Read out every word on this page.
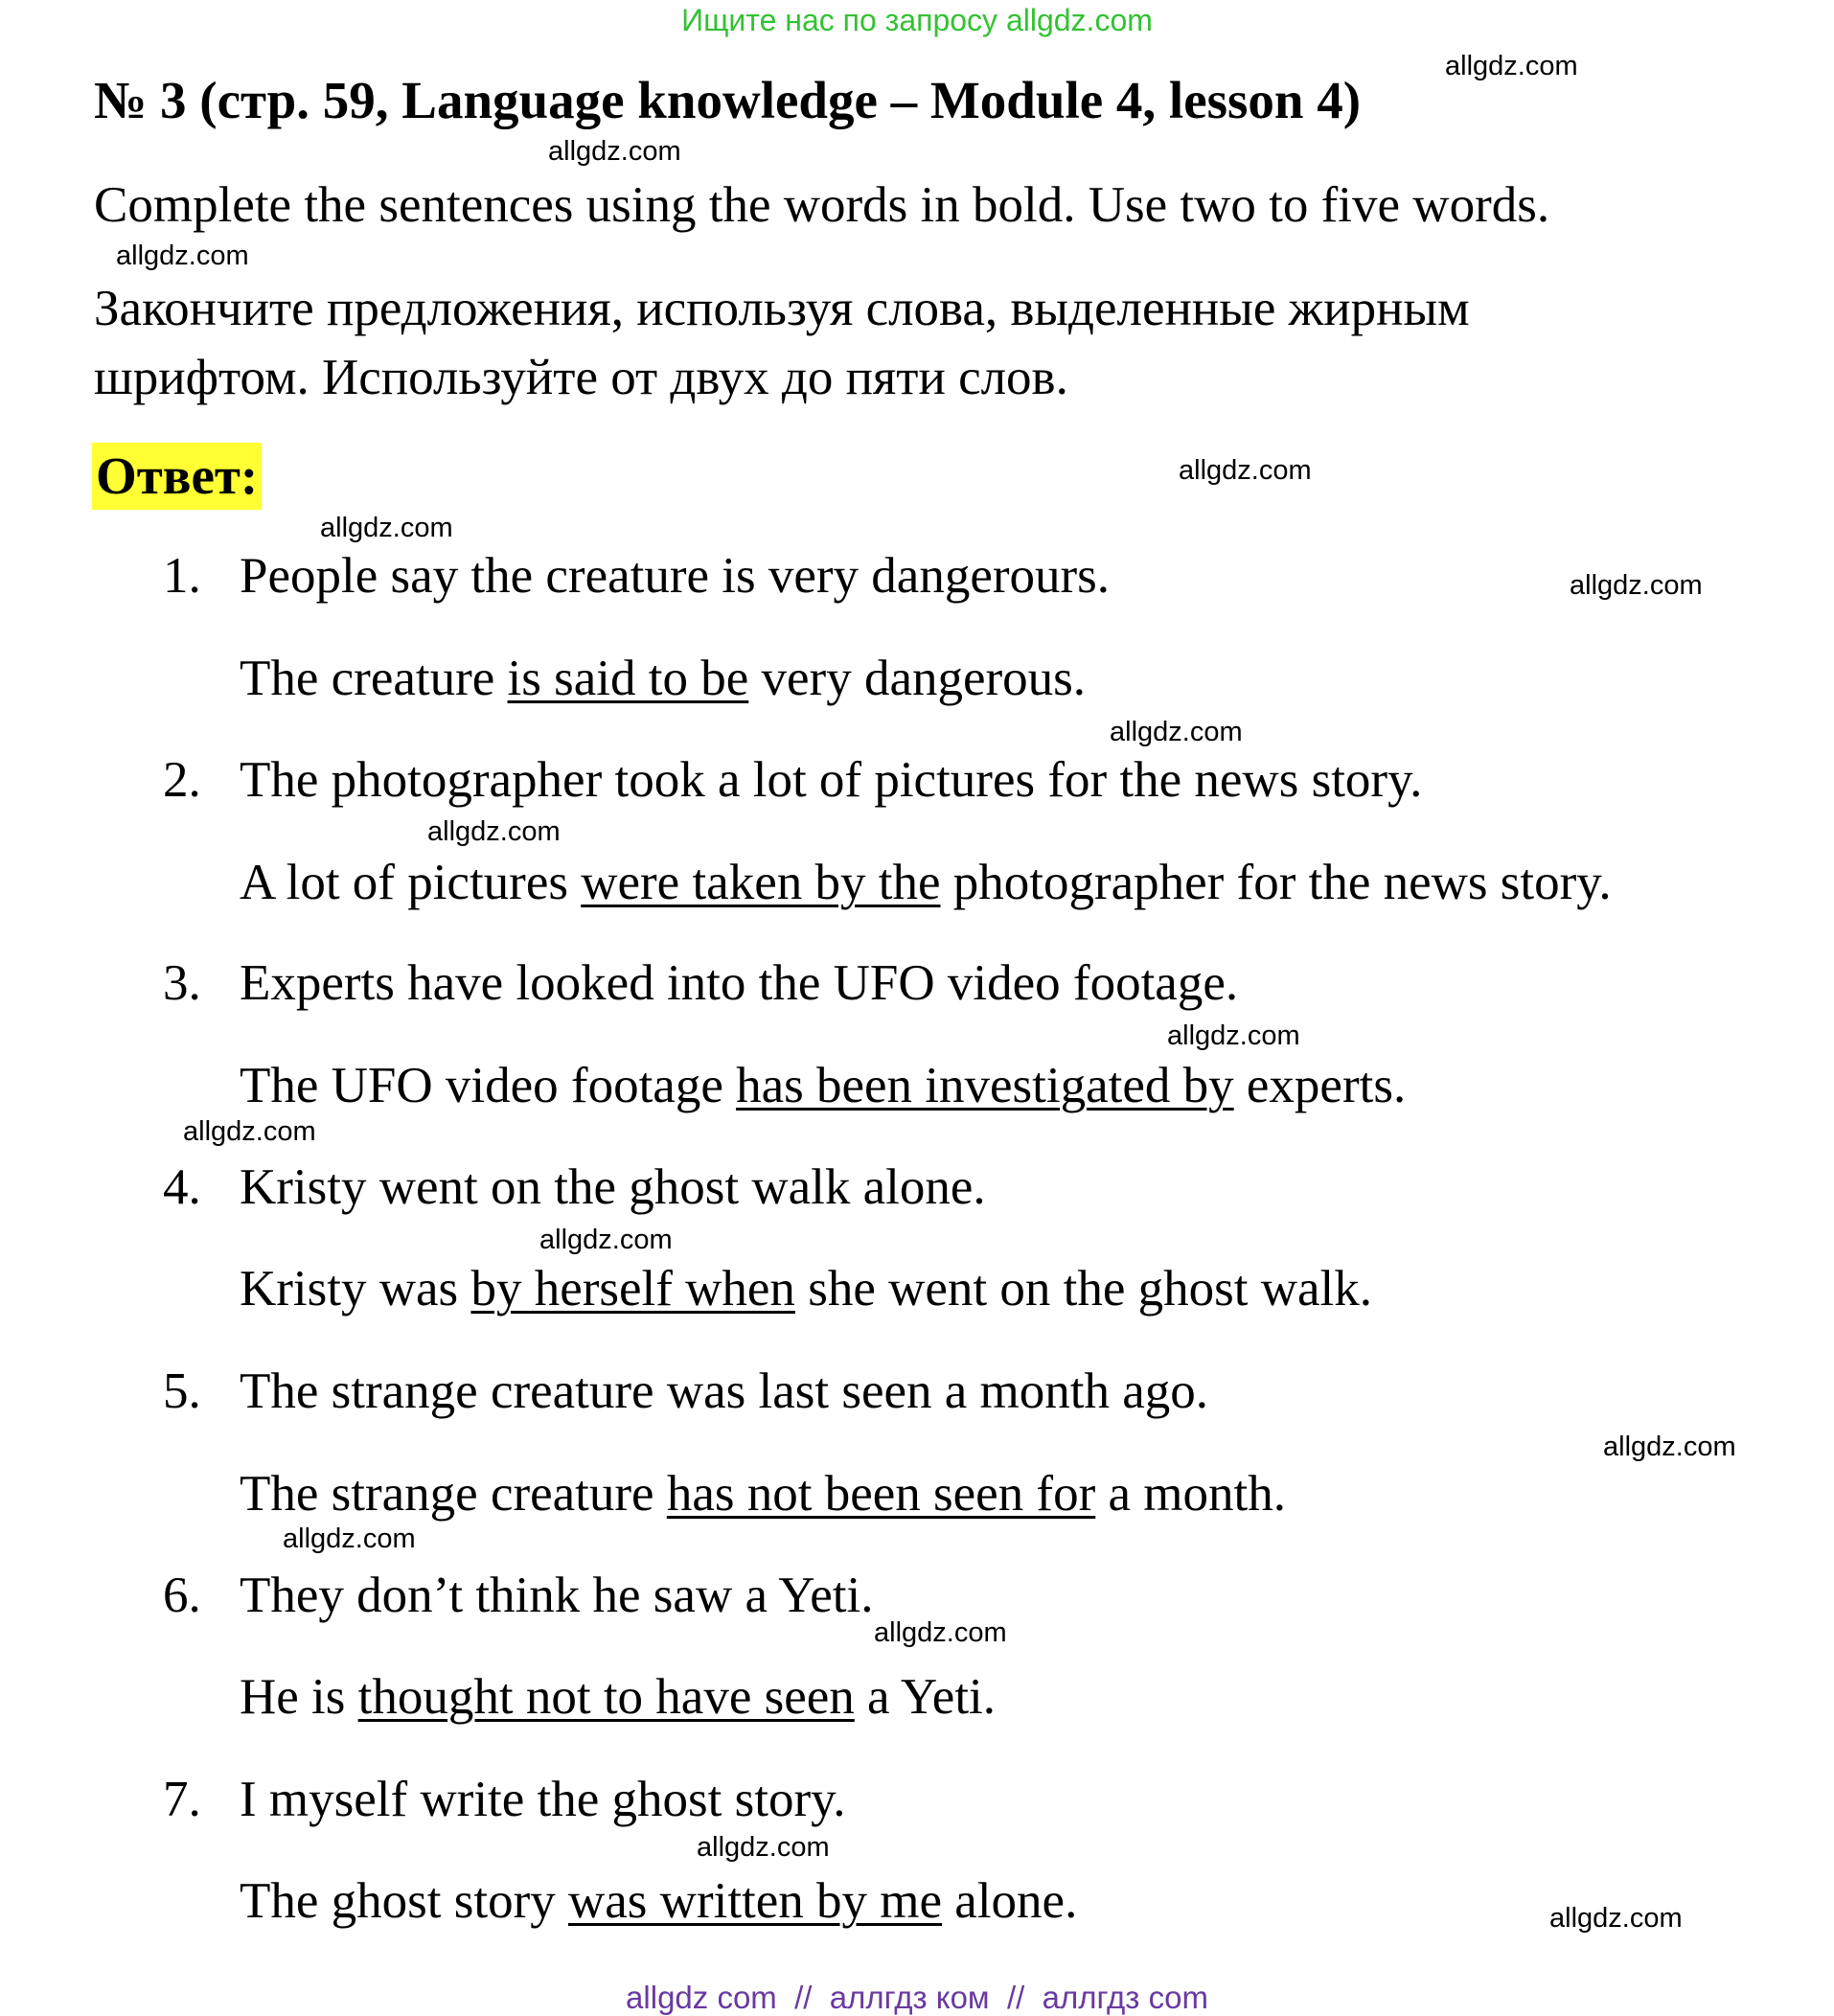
Ищите нас по запросу allgdz.com
№ 3 (стр. 59, Language knowledge – Module 4, lesson 4)
Complete the sentences using the words in bold. Use two to five words.
Закончите предложения, используя слова, выделенные жирным
шрифтом. Используйте от двух до пяти слов.
Ответ:
1. People say the creature is very dangerours.
The creature is said to be very dangerous.
2. The photographer took a lot of pictures for the news story.
A lot of pictures were taken by the photographer for the news story.
3. Experts have looked into the UFO video footage.
The UFO video footage has been investigated by experts.
4. Kristy went on the ghost walk alone.
Kristy was by herself when she went on the ghost walk.
5. The strange creature was last seen a month ago.
The strange creature has not been seen for a month.
6. They don’t think he saw a Yeti.
He is thought not to have seen a Yeti.
7. I myself write the ghost story.
The ghost story was written by me alone.
allgdz.com
allgdz.com
allgdz.com
allgdz.com
allgdz.com
allgdz.com
allgdz.com
allgdz.com
allgdz.com
allgdz.com
allgdz.com
allgdz.com
allgdz.com
allgdz.com
allgdz.com
allgdz.com
allgdz com  //  аллгдз ком  //  аллгдз com
